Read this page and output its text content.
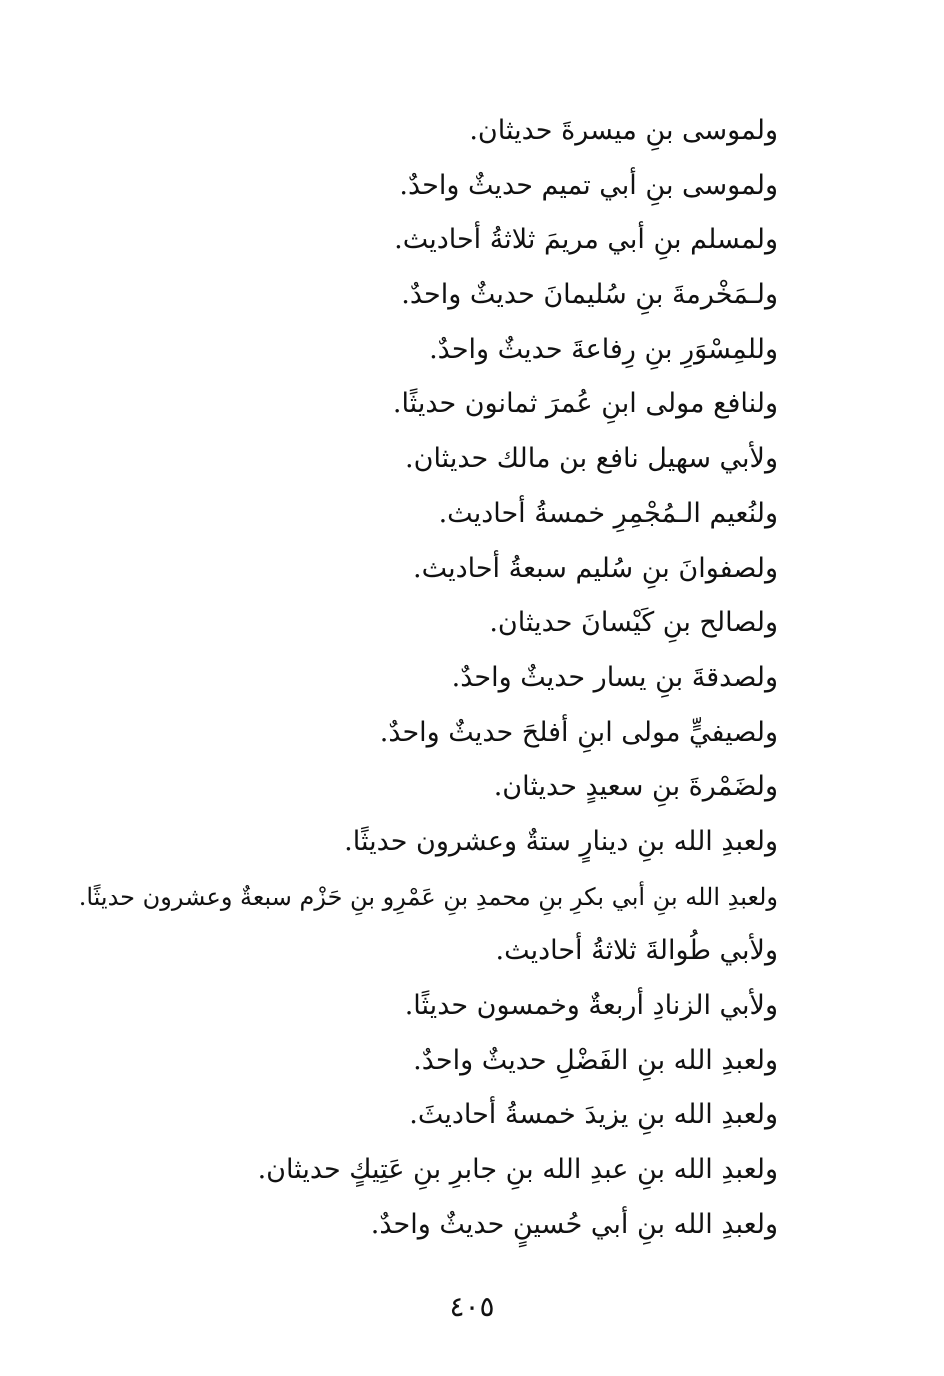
ولموسى بنِ ميسرةَ حديثان.
ولموسى بنِ أبي تميم حديثٌ واحدٌ.
ولمسلم بنِ أبي مريمَ ثلاثةُ أحاديث.
ولـمَخْرمةَ بنِ سُليمانَ حديثٌ واحدٌ.
وللمِسْوَرِ بنِ رِفاعةَ حديثٌ واحدٌ.
ولنافع مولى ابنِ عُمرَ ثمانون حديثًا.
ولأبي سهيل نافع بن مالك حديثان.
ولنُعيم الـمُجْمِرِ خمسةُ أحاديث.
ولصفوانَ بنِ سُليم سبعةُ أحاديث.
ولصالح بنِ كَيْسانَ حديثان.
ولصدقةَ بنِ يسار حديثٌ واحدٌ.
ولصيفيٍّ مولى ابنِ أفلحَ حديثٌ واحدٌ.
ولضَمْرةَ بنِ سعيدٍ حديثان.
ولعبدِ الله بنِ دينارٍ ستةٌ وعشرون حديثًا.
ولعبدِ الله بنِ أبي بكرِ بنِ محمدِ بنِ عَمْرِو بنِ حَزْم سبعةٌ وعشرون حديثًا.
ولأبي طُوالةَ ثلاثةُ أحاديث.
ولأبي الزنادِ أربعةٌ وخمسون حديثًا.
ولعبدِ الله بنِ الفَضْلِ حديثٌ واحدٌ.
ولعبدِ الله بنِ يزيدَ خمسةُ أحاديثَ.
ولعبدِ الله بنِ عبدِ الله بنِ جابرِ بنِ عَتِيكٍ حديثان.
ولعبدِ الله بنِ أبي حُسينٍ حديثٌ واحدٌ.
٤٠٥
